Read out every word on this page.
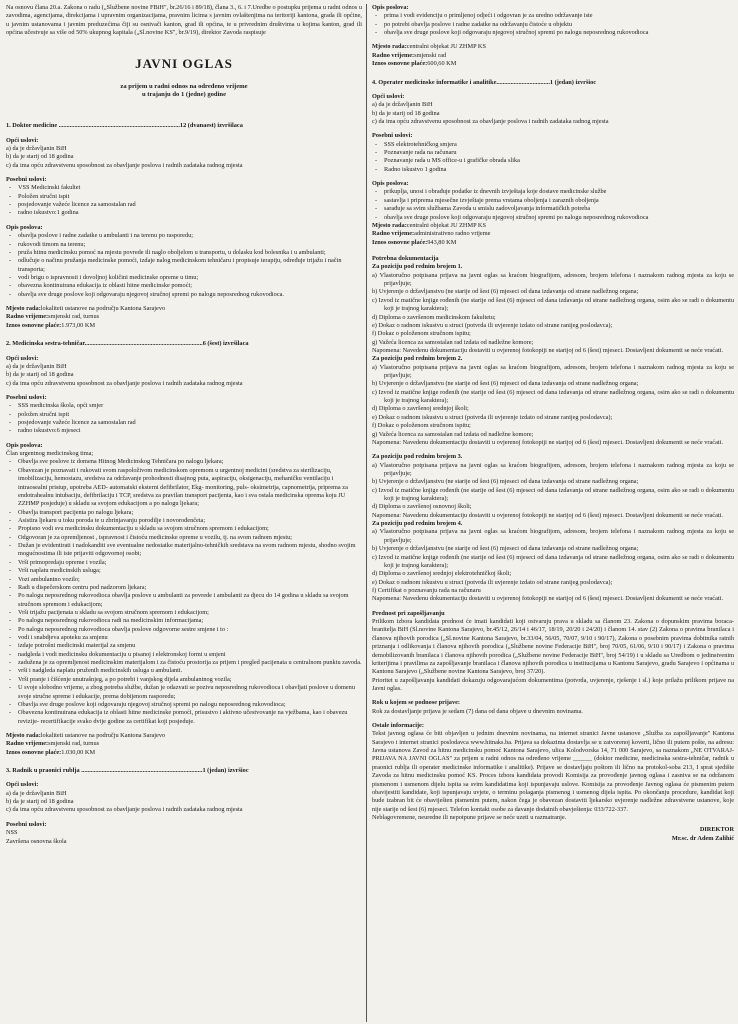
Na osnovu člana 20.a. Zakona o radu („Službene novine FBiH", br.26/16 i 89/18), člana 3., 6. i 7.Uredbe o postupku prijema u radni odnos u zavodima, agencijama, direkcijama i upravnim organizacijama, pravnim licima s javnim ovlaštenjima na teritoriji kantona, grada ili općine, u javnim ustanovama i javnim preduzećima čiji su osnivači kanton, grad ili općina, te u privrednim društvima u kojima kanton, grad ili općina učestvuje sa više od 50% ukupnog kapitala („Sl.novine KS", br.9/19), direktor Zavoda raspisuje

JAVNI OGLAS
za prijem u radni odnos na određeno vrijeme
u trajanju do 1 (jedne) godine
1. Doktor medicine .............................................................................12 (dvanaest) izvršilaca
Opći uslovi:
a) da je državljanin BiH
b) da je starij od 18 godina
c) da ima opću zdravstvenu sposobnost za obavljanje poslova i radnih zadataka radnog mjesta
Posebni uslovi:
- VSS Medicinski fakultet
- Položen stručni ispit
- posjedovanje važeće licence za samostalan rad
- radno iskustvo:1 godina
Opis poslova:
- obavlja poslove i radne zadatke u ambulanti i na terenu po rasporedu;
- rukovodi timom na terenu;
- pruža hitnu medicinsku pomoć na mjestu povrede ili naglo oboljelom u transportu, u dolasku kod bolesnika i u ambulanti;
- odlučuje o načinu pružanja medicinske pomoći, izdaje nalog medicinskom tehničaru i propisuje terapiju, određuje trijažu i način transporta;
- vodi brigu o ispravnosti i dovoljnoj količini medicinske opreme u timu;
- obavezna kontinuirana edukacija iz oblasti hitne medicinske pomoći;
- obavlja sve druge poslove koji odgovaraju njegovoj stručnoj spremi po nalogu neposrednog rukovodioca.

Mjesto rada:lokaliteti ustanove na području Kantona Sarajevo

Radno vrijeme:smjenski rad, turnus

Iznos osnovne plaće:1.973,00 KM

2. Medicinska sestra-tehničar...........................................................................6 (šest) izvršilaca
Opći uslovi:
a) da je državljanin BiH
b) da je starij od 18 godina
c) da ima opću zdravstvenu sposobnost za obavljanje poslova i radnih zadataka radnog mjesta
Posebni uslovi:
- SSS medicinska škola, opći smjer
- položen stručni ispit
- posjedovanje važeće licence za samostalan rad
- radno iskustvo:6 mjeseci
Opis poslova:

Član urgentnog medicinskog tima;

- Obavlja sve poslove iz domena Hitnog Medicinskog Tehničara po nalogu ljekara;
- Obavezan je poznavati i rukovati svom raspoloživom medicinskom opremom u urgentnoj medicini (sredstva za sterilizaciju, imobilizaciju, hemostazu, sredstva za održavanje prohodnosti disajnog puta, aspiraciju, oksigenaciju, mehaničku ventilaciju i intraosealni pristup, upotreba AED- automatski eksterni defibrilator, Ekg- monitoring, puls- oksimetrija, capnometrija, priprema za endotrahealnu intubaciju, defibrilaciju i TCP, sredstva za pravilan transport pacijenta, kao i sva ostala medicinska oprema koju JU ZZHMP posjeduje) u skladu sa svojom edukacijom a po nalogu ljekara;
- Obavlja transport pacijenta po nalogu ljekara;
- Asistira ljekaru u toku poroda te u zbrinjavanju porodilje i novorođenčeta;
- Propisno vodi svu medicinsku dokumentaciju u skladu sa svojom stručnom spremom i edukacijom;
- Odgovoran je za opremljenost , ispravnost i čistoću medicinske opreme u vozilu, tj. na svom radnom mjestu;
- Dužan je evidentirati i nadokanditi sve eventualne nedostatke materijalno-tehničkih sredstava na svom radnom mjestu, shodno svojim mogućnostima ili iste prijaviti odgovornoj osobi;
- Vrši primopredaju opreme i vozila;
- Vrši naplatu medicinskih usluga;
- Vozi ambulantno vozilo;
- Radi u dispečerskom centru pod nadzorom ljekara;
- Po nalogu neposrednog rukovodioca obavlja poslove u ambulanti za povrede i ambulanti za djecu do 14 godina u skladu sa svojom stručnom spremom i edukacijom;
- Vrši trijažu pacijenata u skladu sa svojom stručnom spremom i edukacijom;
- Po nalogu neposrednog rukovodioca radi na medicinskim informacijama;
- Po nalogu neposrednog rukovodioca obavlja poslove odgovorne sestre smjene i to :
- vodi i snabdjeva apoteku za smjenu
- izdaje potrošni medicinski materijal za smjenu
- nadgleda i vodi medicinsku dokumentaciju u pisanoj i elektronskoj formi u smjeni
- zadužena je za opremljenost medicinskim materijalom i za čistoću prostorija za prijem i pregled pacijenata u centralnom punktu zavoda.
- vrši i nadgleda naplatu pruženih medicinskih usluga u ambulanti.
- Vrši pranje i čišćenje unutrašnjeg, a po potrebi i vanjskog dijela ambulantnog vozila;
- U svoje slobodno vrijeme, a zbog potreba službe, dužan je odazvati se pozivu neposrednog rukovodioca i obavljati poslove u domenu svoje stručne spreme i edukacije, prema dobijenom rasporedu;
- Obavlja sve druge poslove koji odgovaraju njegovoj stručnoj spremi po nalogu neposrednog rukovodioca;
- Obavezna kontinuirana edukacija iz oblasti hitne medicinske pomoći, prisustvo i aktivno učestvovanje na vježbama, kao i obavezu revizije- recertifikacije svako dvije godine za certifikat koji posjeduje.

Mjesto rada:lokaliteti ustanove na području Kantona Sarajevo

Radno vrijeme:smjenski rad, turnus

Iznos osnovne plaće:1.030,00 KM

3. Radnik u praonici rublja .............................................................................1 (jedan) izvršioc
Opći uslovi:
a) da je državljanin BiH
b) da je starij od 18 godina
c) da ima opću zdravstvenu sposobnost za obavljanje poslova i radnih zadataka radnog mjesta
Posebni uslovi:

NSS

Završena osnovna škola

Opis poslova:
- prima i vodi evidenciju o primljenoj odjeći i odgovran je za uredno održavanje iste
- po potrebi obavlja poslove i radne zadatke na održavanju čistoće u objektu
- obavlja sve druge poslove koji odgovaraju njegovoj stručnoj spremi po nalogu neposrednog rukovodioca

Mjesto rada:centralni objekat JU ZHMP KS

Radno vrijeme:smjenski rad

Iznos osnovne plaće:600,60 KM

4. Operater medicinske informatike i analitike..................................1 (jedan) izvršioc
Opći uslovi:
a) da je državljanin BiH
b) da je starij od 18 godina
c) da ima opću zdravstvenu sposobnost za obavljanje poslova i radnih zadataka radnog mjesta
Posebni uslovi:
- SSS elektrotehničkog smjera
- Poznavanje rada na računaru
- Poznavanje rada u MS office-u i grafičke obrada slika
- Radno iskustvo 1 godina
Opis poslova:
- prikuplja, unosi i obrađuje podatke iz dnevnih izvještaja koje dostave medicinske službe
- sastavlja i priprema mjesečne izvještaje prema vrstama oboljenja i zaraznih oboljenja
- sarađuje sa svim službama Zavoda u smislu zadovoljavanja informatičkih potreba
- obavlja sve druge poslove koji odgovaraju njegovoj stručnoj spremi po nalogu neposrednog rukovodioca

Mjesto rada:centralni objekat JU ZHMP KS

Radno vrijeme:administrativno radno vrijeme

Iznos osnovne plaće:943,80 KM

Potrebna dokumentacija
Za poziciju pod rednim brojem 1.
a) Vlastoručno potpisana prijava na javni oglas sa kraćom biografijom, adresom, brojem telefona i naznakom radnog mjesta za koju se prijavljuje;
b) Uvjerenje o državljanstvu (ne starije od šest (6) mjeseci od dana izdavanja od strane nadležnog organa;
c) Izvod iz matične knjige rođenih (ne starije od šest (6) mjeseci od dana izdavanja od strane nadležnog organa, osim ako se radi o dokumentu koji je trajnog karaktera);
d) Diploma o završenom medicinskom fakultetu;
e) Dokaz o radnom iskustvu u struci (potvrda ili uvjerenje izdato od strane ranijeg poslodavca);
f) Dokaz o položenom stručnom ispitu;
g) Važeća licenca za samostalan rad izdata od nadležne komore;

Napomena: Navedenu dokumentaciju dostaviti u ovjerenoj fotokopiji ne starijoj od 6 (šest) mjeseci. Dostavljeni dokumenti se neće vraćati.

Za poziciju pod rednim brojem 2.
a) Vlastoručno potpisana prijava na javni oglas sa kraćom biografijom, adresom, brojem telefona i naznakom radnog mjesta za koju se prijavljuje;
b) Uvjerenje o državljanstvu (ne starije od šest (6) mjeseci od dana izdavanja od strane nadležnog organa;
c) Izvod iz matične knjige rođenih (ne starije od šest (6) mjeseci od dana izdavanja od strane nadležnog organa, osim ako se radi o dokumentu koji je trajnog karaktera);
d) Diploma o završenoj srednjoj školi;
e) Dokaz o radnom iskustvu u struci (potvrda ili uvjerenje izdato od strane ranijeg poslodavca);
f) Dokaz o položenom stručnom ispitu;
g) Važeća licenca za samostalan rad izdata od nadležne komore;

Napomena: Navedenu dokumentaciju dostaviti u ovjerenoj fotokopiji ne starijoj od 6 (šest) mjeseci. Dostavljeni dokumenti se neće vraćati.

Za poziciju pod rednim brojem 3.
a) Vlastoručno potpisana prijava na javni oglas sa kraćom biografijom, adresom, brojem telefona i naznakom radnog mjesta za koju se prijavljuje;
b) Uvjerenje o državljanstvu (ne starije od šest (6) mjeseci od dana izdavanja od strane nadležnog organa;
c) Izvod iz matične knjige rođenih (ne starije od šest (6) mjeseci od dana izdavanja od strane nadležnog organa, osim ako se radi o dokumentu koji je trajnog karaktera);
d) Diploma o završenoj osnovnoj školi;

Napomena: Navedenu dokumentaciju dostaviti u ovjerenoj fotokopiji ne starijoj od 6 (šest) mjeseci. Dostavljeni dokumenti se neće vraćati.

Za poziciju pod rednim brojem 4.
a) Vlastoručno potpisana prijava na javni oglas sa kraćom biografijom, adresom, brojem telefona i naznakom radnog mjesta za koju se prijavljuje;
b) Uvjerenje o državljanstvu (ne starije od šest (6) mjeseci od dana izdavanja od strane nadležnog organa;
c) Izvod iz matične knjige rođenih (ne starije od šest (6) mjeseci od dana izdavanja od strane nadležnog organa, osim ako se radi o dokumentu koji je trajnog karaktera);
d) Diploma o završenoj srednjoj elektrotehničkoj školi;
e) Dokaz o radnom iskustvu u struci (potvrda ili uvjerenje izdato od strane ranijeg poslodavca);
f) Certifikat o poznavanju rada na računaru

Napomena: Navedenu dokumentaciju dostaviti u ovjerenoj fotokopiji ne starijoj od 6 (šest) mjeseci. Dostavljeni dokumenti se neće vraćati.

Prednost pri zapošljavanju

Prilikom izbora kandidata prednost će imati kandidati koji ostvaruju prava u skladu sa članom 23. Zakona o dopunskim pravima boraca-branitelja BiH (Sl.novine Kantona Sarajevo, br.45/12, 26/14 i 46/17, 18/19, 20/20 i 24/20) i članom 14. stav (2) Zakona o pravima branilaca i članova njihovih porodica („Sl.novine Kantona Sarajevo, br.33/04, 56/05, 70/07, 9/10 i 90/17), Zakona o posebnim pravima dobitnika ratnih priznanja i odlikovanja i članova njihovih porodica („Službene novine Federacije BiH", broj 70/05, 61/06, 9/10 i 90/17) i Zakona o pravima demobilizovanih branilaca i članova njihovih porodica („Službene novine Federacije BiH", broj 54/19) i u skladu sa Uredbom o jedinstvenim kriterijima i pravilima za zapošljavanje branilaca i članova njihovih porodica u institucijama u Kantonu Sarajevo, gradu Sarajevo i općinama u Kantonu Sarajevo („Službene novine Kantona Sarajevo, broj 37/20).

Prioritet u zapošljavanju kandidati dokazuju odgovarajućom dokumentima (potvrda, uvjerenje, rješenje i sl.) koje prilažu prilikom prijave na Javni oglas.

Rok u kojem se podnose prijave:

Rok za dostavljanje prijava je sedam (7) dana od dana objave u dnevnim novinama.

Ostale informacije:

Tekst javnog oglasa će biti objavljen u jednim dnevnim novinama, na internet stranici Javne ustanove „Služba za zapošljavanje" Kantona Sarajevo i internet stranici poslodavca www.hitnaks.ba. Prijava sa dokazima dostavlja se u zatvorenoj koverti, lično ili putem pošte, na adresu: Javna ustanova Zavod za hitnu medicinsku pomoć Kantona Sarajevo, ulica Kolodvorska 14, 71 000 Sarajevo, sa naznakom „NE OTVARAJ-PRIJAVA NA JAVNI OGLAS" za prijem u radni odnos na određeno vrijeme ______ (doktor medicine, medicinska sestra-tehničar, radnik u praonici rublja ili operater medicinske informatike i analitike). Prijave se dostavljaju poštom ili lično na protokol-soba 213, I sprat sjedište Zavoda za hitnu medicinsku pomoć KS. Proces izbora kandidata provodi Komisija za provođenje javnog oglasa i zasniva se na održanom pismenom i usmenom dijelu ispita sa svim kandidatima koji ispunjavaju uslove. Komisija za provođenje Javnog oglasa će pismenim putem obavijestiti kandidate, koji ispunjavaju uvjete, o terminu polaganja pismenog i usmenog dijela ispita. Po okončanju procedure, kandidat koji bude izabran bit će obaviješten pismenim putem, nakon čega je obavezan dostaviti ljekarsko uvjerenje nadležne zdravstvene ustanove, koje nije starije od šest (6) mjeseci. Telefon kontakt osobe za davanje dodatnih obavještenja: 033/722-337.

Neblagovremene, neuredne ili nepotpune prijave se neće uzeti u razmatranje.

DIREKTOR
Mr.sc. dr Adem Zalihić
